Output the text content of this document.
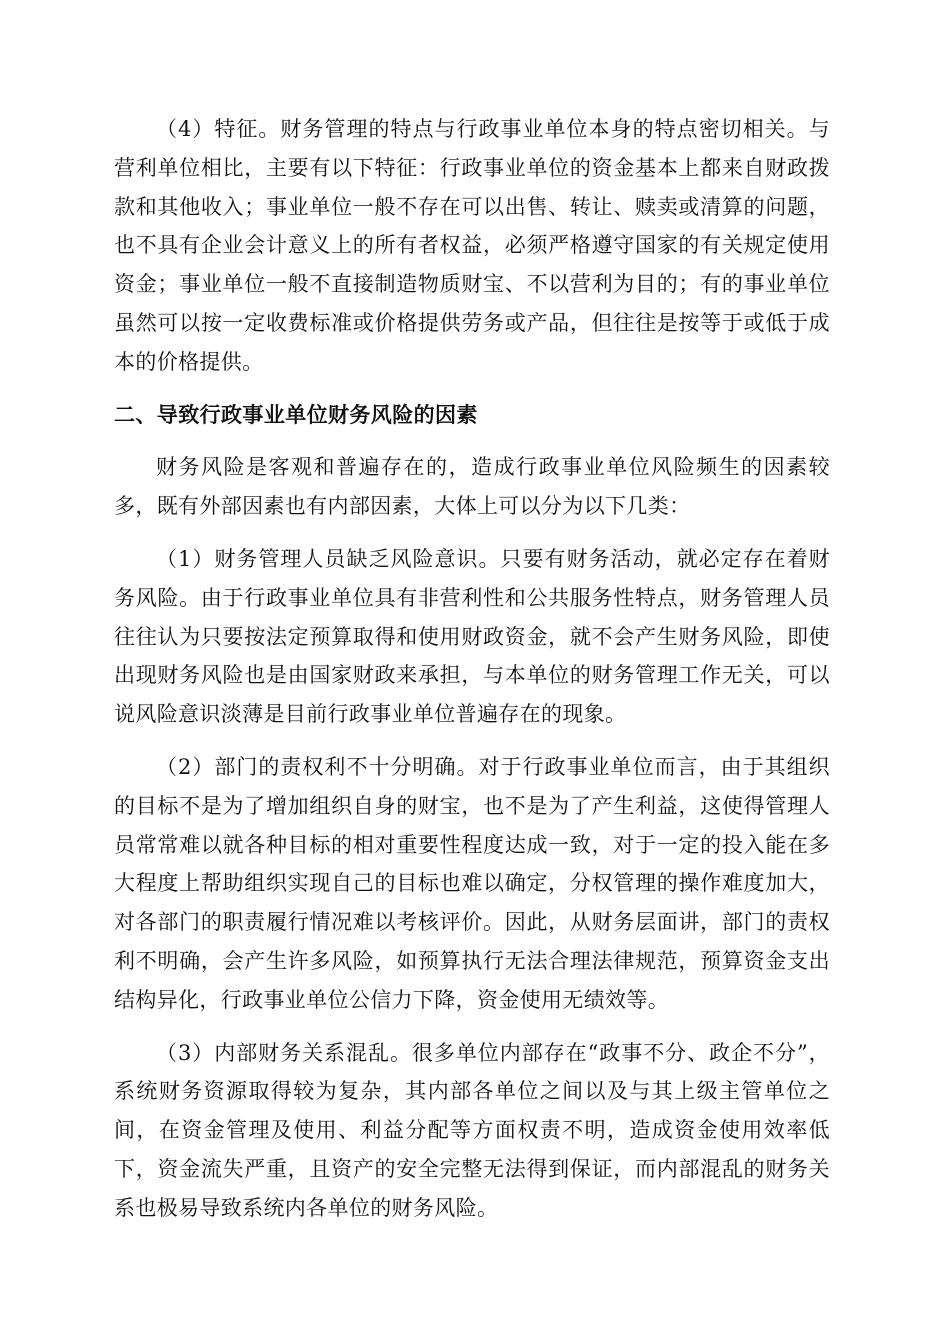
（4）特征。财务管理的特点与行政事业单位本身的特点密切相关。与营利单位相比，主要有以下特征：行政事业单位的资金基本上都来自财政拨款和其他收入；事业单位一般不存在可以出售、转让、赎卖或清算的问题，也不具有企业会计意义上的所有者权益，必须严格遵守国家的有关规定使用资金；事业单位一般不直接制造物质财宝、不以营利为目的；有的事业单位虽然可以按一定收费标准或价格提供劳务或产品，但往往是按等于或低于成本的价格提供。

二、导致行政事业单位财务风险的因素

财务风险是客观和普遍存在的，造成行政事业单位风险频生的因素较多，既有外部因素也有内部因素，大体上可以分为以下几类：

（1）财务管理人员缺乏风险意识。只要有财务活动，就必定存在着财务风险。由于行政事业单位具有非营利性和公共服务性特点，财务管理人员往往认为只要按法定预算取得和使用财政资金，就不会产生财务风险，即使出现财务风险也是由国家财政来承担，与本单位的财务管理工作无关，可以说风险意识淡薄是目前行政事业单位普遍存在的现象。

（2）部门的责权利不十分明确。对于行政事业单位而言，由于其组织的目标不是为了增加组织自身的财宝，也不是为了产生利益，这使得管理人员常常难以就各种目标的相对重要性程度达成一致，对于一定的投入能在多大程度上帮助组织实现自己的目标也难以确定，分权管理的操作难度加大，对各部门的职责履行情况难以考核评价。因此，从财务层面讲，部门的责权利不明确，会产生许多风险，如预算执行无法合理法律规范，预算资金支出结构异化，行政事业单位公信力下降，资金使用无绩效等。

（3）内部财务关系混乱。很多单位内部存在“政事不分、政企不分”，系统财务资源取得较为复杂，其内部各单位之间以及与其上级主管单位之间，在资金管理及使用、利益分配等方面权责不明，造成资金使用效率低下，资金流失严重，且资产的安全完整无法得到保证，而内部混乱的财务关系也极易导致系统内各单位的财务风险。
